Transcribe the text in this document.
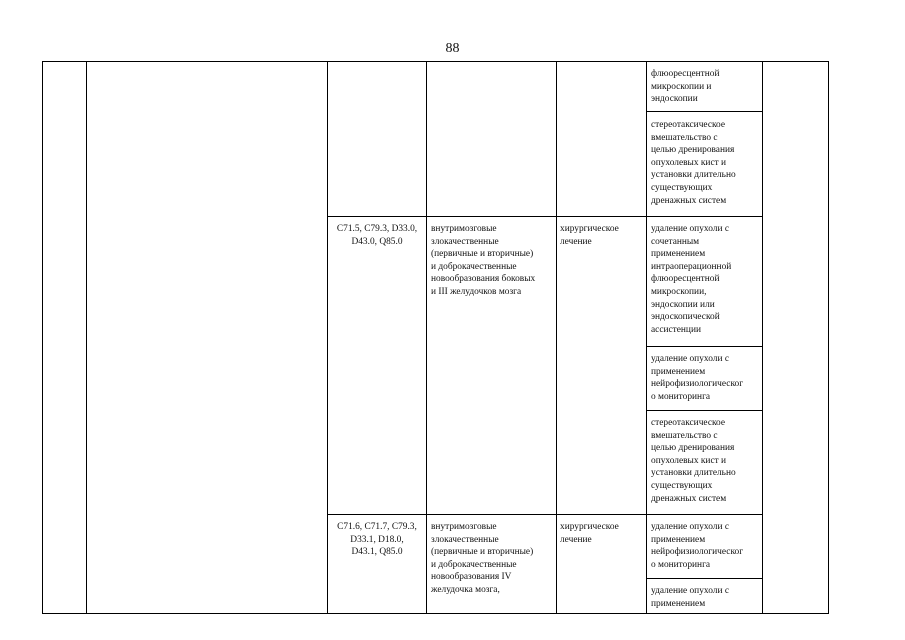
88
флюоресцентной
микроскопии и
эндоскопии
стереотаксическое
вмешательство с
целью дренирования
опухолевых кист и
установки длительно
существующих
дренажных систем
C71.5, C79.3, D33.0,
D43.0, Q85.0
внутримозговые
злокачественные
(первичные и вторичные)
и доброкачественные
новообразования боковых
и III желудочков мозга
хирургическое
лечение
удаление опухоли с
сочетанным
применением
интраоперационной
флюоресцентной
микроскопии,
эндоскопии или
эндоскопической
ассистенции
удаление опухоли с
применением
нейрофизиологическог
о мониторинга
стереотаксическое
вмешательство с
целью дренирования
опухолевых кист и
установки длительно
существующих
дренажных систем
C71.6, C71.7, C79.3,
D33.1, D18.0,
D43.1, Q85.0
внутримозговые
злокачественные
(первичные и вторичные)
и доброкачественные
новообразования IV
желудочка мозга,
хирургическое
лечение
удаление опухоли с
применением
нейрофизиологическог
о мониторинга
удаление опухоли с
применением
